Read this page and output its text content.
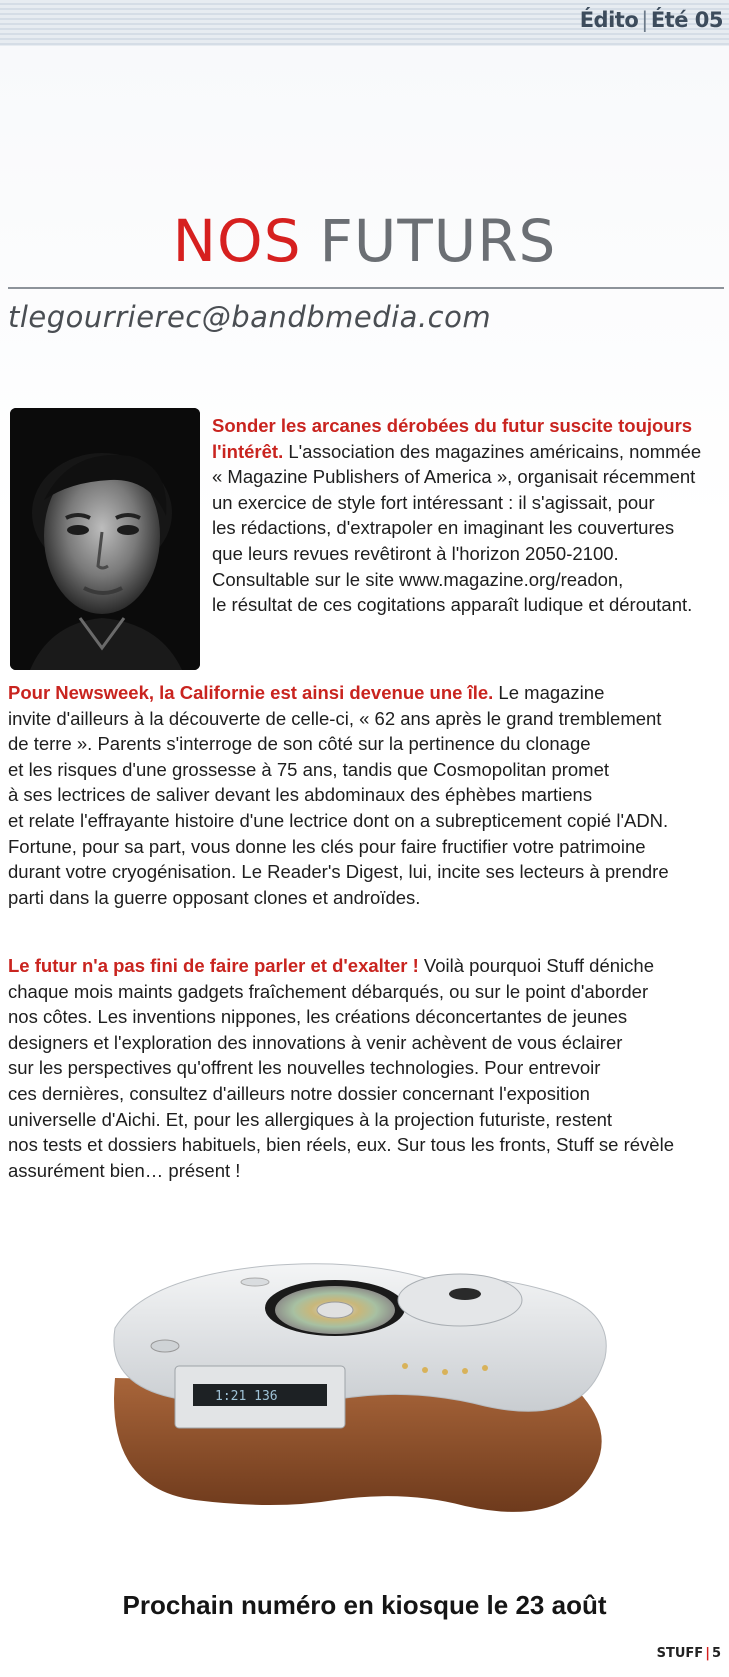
Édito | Été 05
NOS FUTURS
tlegourrierec@bandbmedia.com
Sonder les arcanes dérobées du futur suscite toujours
l'intérêt. L'association des magazines américains, nommée
« Magazine Publishers of America », organisait récemment
un exercice de style fort intéressant : il s'agissait, pour
les rédactions, d'extrapoler en imaginant les couvertures
que leurs revues revêtiront à l'horizon 2050-2100.
Consultable sur le site www.magazine.org/readon,
le résultat de ces cogitations apparaît ludique et déroutant.
Pour Newsweek, la Californie est ainsi devenue une île. Le magazine
invite d'ailleurs à la découverte de celle-ci, « 62 ans après le grand tremblement
de terre ». Parents s'interroge de son côté sur la pertinence du clonage
et les risques d'une grossesse à 75 ans, tandis que Cosmopolitan promet
à ses lectrices de saliver devant les abdominaux des éphèbes martiens
et relate l'effrayante histoire d'une lectrice dont on a subrepticement copié l'ADN.
Fortune, pour sa part, vous donne les clés pour faire fructifier votre patrimoine
durant votre cryogénisation. Le Reader's Digest, lui, incite ses lecteurs à prendre
parti dans la guerre opposant clones et androïdes.
Le futur n'a pas fini de faire parler et d'exalter ! Voilà pourquoi Stuff déniche
chaque mois maints gadgets fraîchement débarqués, ou sur le point d'aborder
nos côtes. Les inventions nippones, les créations déconcertantes de jeunes
designers et l'exploration des innovations à venir achèvent de vous éclairer
sur les perspectives qu'offrent les nouvelles technologies. Pour entrevoir
ces dernières, consultez d'ailleurs notre dossier concernant l'exposition
universelle d'Aichi. Et, pour les allergiques à la projection futuriste, restent
nos tests et dossiers habituels, bien réels, eux. Sur tous les fronts, Stuff se révèle
assurément bien… présent !
1:21 136
Prochain numéro en kiosque le 23 août
STUFF | 5
